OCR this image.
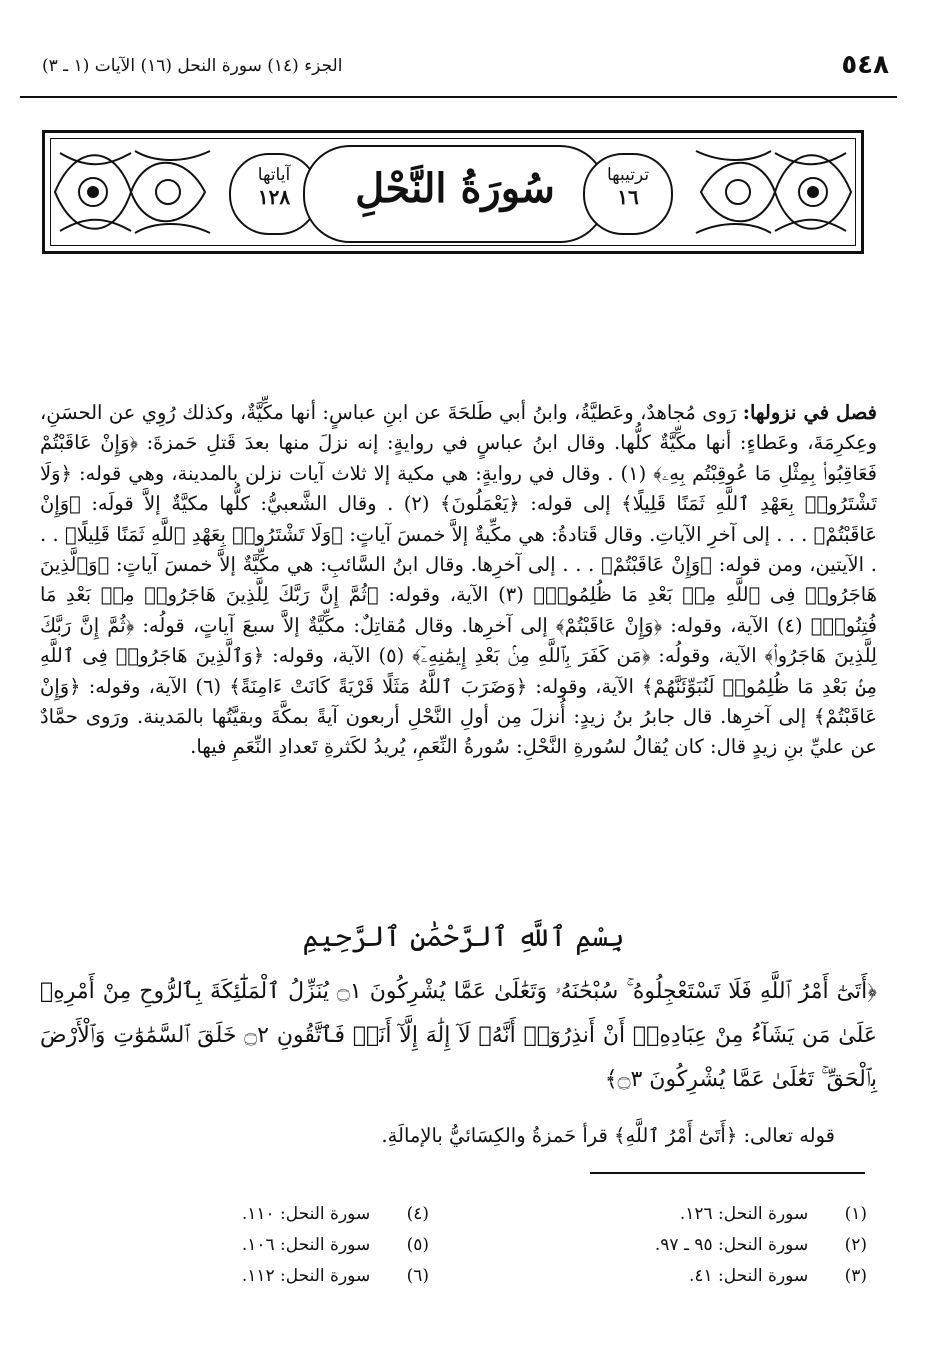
٥٤٨
الجزء (١٤) سورة النحل (١٦) الآيات (١ ـ ٣)
آياتها
١٢٨	سُورَةُ النَّحْلِ	ترتيبها
١٦
فصل في نزولها: رَوى مُجاهدٌ، وعَطيَّةُ، وابنُ أبي طَلحَةَ عن ابنِ عباسٍ: أنها مكِّيَّةٌ، وكذلك رُوِي عن الحسَنِ، وعِكرِمَةَ، وعَطاءٍ: أنها مكِّيَّةٌ كلُّها. وقال ابنُ عباسٍ في روايةٍ: إنه نزلَ منها بعدَ قَتلِ حَمزةَ: ﴿وَإِنْ عَاقَبْتُمْ فَعَاقِبُوا۟ بِمِثْلِ مَا عُوقِبْتُم بِهِۦ﴾ (١) . وقال في روايةٍ: هي مكية إلا ثلاث آيات نزلن بالمدينة، وهي قوله: ﴿وَلَا تَشْتَرُوا۟ بِعَهْدِ ٱللَّهِ ثَمَنًا قَلِيلًا﴾ إلى قوله: ﴿يَعْمَلُونَ﴾ (٢) . وقال الشَّعبيُّ: كلُّها مكيَّةٌ إلاَّ قولَه: ﴿وَإِنْ عَاقَبْتُمْ﴾ . . . إلى آخرِ الآياتِ. وقال قَتادةُ: هي مكِّيةٌ إلاَّ خمسَ آياتٍ: ﴿وَلَا تَشْتَرُوا۟ بِعَهْدِ ٱللَّهِ ثَمَنًا قَلِيلًا﴾ . . . الآيتين، ومن قوله: ﴿وَإِنْ عَاقَبْتُمْ﴾ . . . إلى آخرِها. وقال ابنُ السَّائبِ: هي مكِّيَّةٌ إلاَّ خمسَ آياتٍ: ﴿وَٱلَّذِينَ هَاجَرُوا۟ فِى ٱللَّهِ مِنۢ بَعْدِ مَا ظُلِمُوا۟﴾ (٣) الآية، وقوله: ﴿ثُمَّ إِنَّ رَبَّكَ لِلَّذِينَ هَاجَرُوا۟ مِنۢ بَعْدِ مَا فُتِنُوا۟﴾ (٤) الآية، وقوله: ﴿وَإِنْ عَاقَبْتُمْ﴾ إلى آخرِها. وقال مُقاتِلٌ: مكِّيَّةٌ إلاَّ سبعَ آياتٍ، قولُه: ﴿ثُمَّ إِنَّ رَبَّكَ لِلَّذِينَ هَاجَرُوا۟﴾ الآية، وقولُه: ﴿مَن كَفَرَ بِٱللَّهِ مِنۢ بَعْدِ إِيمَٰنِهِۦٓ﴾ (٥) الآية، وقوله: ﴿وَٱلَّذِينَ هَاجَرُوا۟ فِى ٱللَّهِ مِنۢ بَعْدِ مَا ظُلِمُوا۟ لَنُبَوِّئَنَّهُمْ﴾ الآية، وقوله: ﴿وَضَرَبَ ٱللَّهُ مَثَلًا قَرْيَةً كَانَتْ ءَامِنَةً﴾ (٦) الآية، وقوله: ﴿وَإِنْ عَاقَبْتُمْ﴾ إلى آخرِها. قال جابرُ بنُ زيدٍ: أُنزلَ مِن أولِ النَّحْلِ أربعون آيةً بمكَّةَ وبقيَّتُها بالمَدينة. ورَوى حمَّادٌ عن عليِّ بنِ زيدٍ قال: كان يُقالُ لسُورةِ النَّحْلِ: سُورةُ النِّعَمِ، يُريدُ لكَثرةِ تَعدادِ النِّعَمِ فيها.
بِسْمِ ٱللَّهِ ٱلرَّحْمَٰنِ ٱلرَّحِيمِ
﴿أَتَىٰٓ أَمْرُ ٱللَّهِ فَلَا تَسْتَعْجِلُوهُ ۚ سُبْحَٰنَهُۥ وَتَعَٰلَىٰ عَمَّا يُشْرِكُونَ ۝١ يُنَزِّلُ ٱلْمَلَٰٓئِكَةَ بِٱلرُّوحِ مِنْ أَمْرِهِۦ عَلَىٰ مَن يَشَآءُ مِنْ عِبَادِهِۦٓ أَنْ أَنذِرُوٓا۟ أَنَّهُۥ لَآ إِلَٰهَ إِلَّآ أَنَا۠ فَٱتَّقُونِ ۝٢ خَلَقَ ٱلسَّمَٰوَٰتِ وَٱلْأَرْضَ بِٱلْحَقِّ ۚ تَعَٰلَىٰ عَمَّا يُشْرِكُونَ ۝٣﴾
قوله تعالى: ﴿أَتَىٰٓ أَمْرُ ٱللَّهِ﴾ قرأ حَمزةُ والكِسَائيُّ بالإمالَةِ.
(١)  سورة النحل: ١٢٦.
(٤)  سورة النحل: ١١٠.
(٢)  سورة النحل: ٩٥ ـ ٩٧.
(٥)  سورة النحل: ١٠٦.
(٣)  سورة النحل: ٤١.
(٦)  سورة النحل: ١١٢.
